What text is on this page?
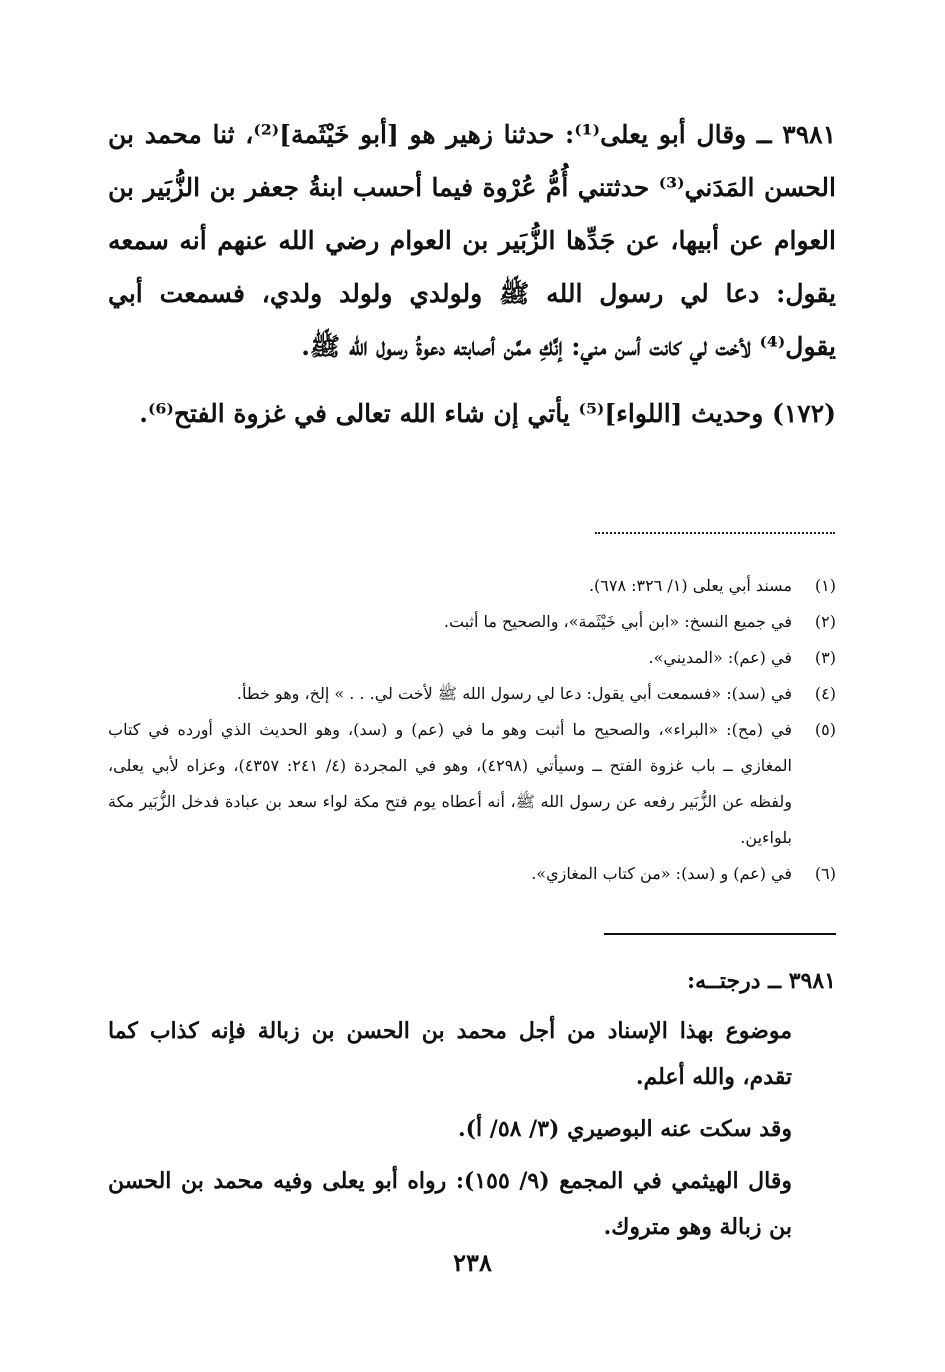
٣٩٨١ ــ وقال أبو يعلى⁽¹⁾: حدثنا زهير هو [أبو خَيْثَمة]⁽²⁾، ثنا محمد بن الحسن المَدَني⁽³⁾ حدثتني أُمُّ عُرْوة فيما أحسب ابنةُ جعفر بن الزُّبَير بن العوام عن أبيها، عن جَدِّها الزُّبَير بن العوام رضي الله عنهم أنه سمعه يقول: دعا لي رسول الله ﷺ ولولدي ولولد ولدي، فسمعت أبي يقول⁽⁴⁾ لأخت لي كانت أسن مني: إنَّكِ ممَّن أصابته دعوةُ رسول الله ﷺ.

(١٧٢) وحديث [اللواء]⁽⁵⁾ يأتي إن شاء الله تعالى في غزوة الفتح⁽⁶⁾.

(١)
مسند أبي يعلى (١/ ٣٢٦: ٦٧٨).
(٢)
في جميع النسخ: «ابن أبي خَيْثَمة»، والصحيح ما أثبت.
(٣)
في (عم): «المديني».
(٤)
في (سد): «فسمعت أبي يقول: دعا لي رسول الله ﷺ لأخت لي. . . » إلخ، وهو خطأ.
(٥)
في (مح): «البراء»، والصحيح ما أثبت وهو ما في (عم) و (سد)، وهو الحديث الذي أورده في كتاب المغازي ــ باب غزوة الفتح ــ وسيأتي (٤٢٩٨)، وهو في المجردة (٤/ ٢٤١: ٤٣٥٧)، وعزاه لأبي يعلى، ولفظه عن الزُّبَير رفعه عن رسول الله ﷺ، أنه أعطاه يوم فتح مكة لواء سعد بن عبادة فدخل الزُّبَير مكة بلواءين.
(٦)
في (عم) و (سد): «من كتاب المغازي».

٣٩٨١ ــ درجتــه:

موضوع بهذا الإسناد من أجل محمد بن الحسن بن زبالة فإنه كذاب كما تقدم، والله أعلم.

وقد سكت عنه البوصيري (٣/ ٥٨/ أ).

وقال الهيثمي في المجمع (٩/ ١٥٥): رواه أبو يعلى وفيه محمد بن الحسن بن زبالة وهو متروك.

٢٣٨
